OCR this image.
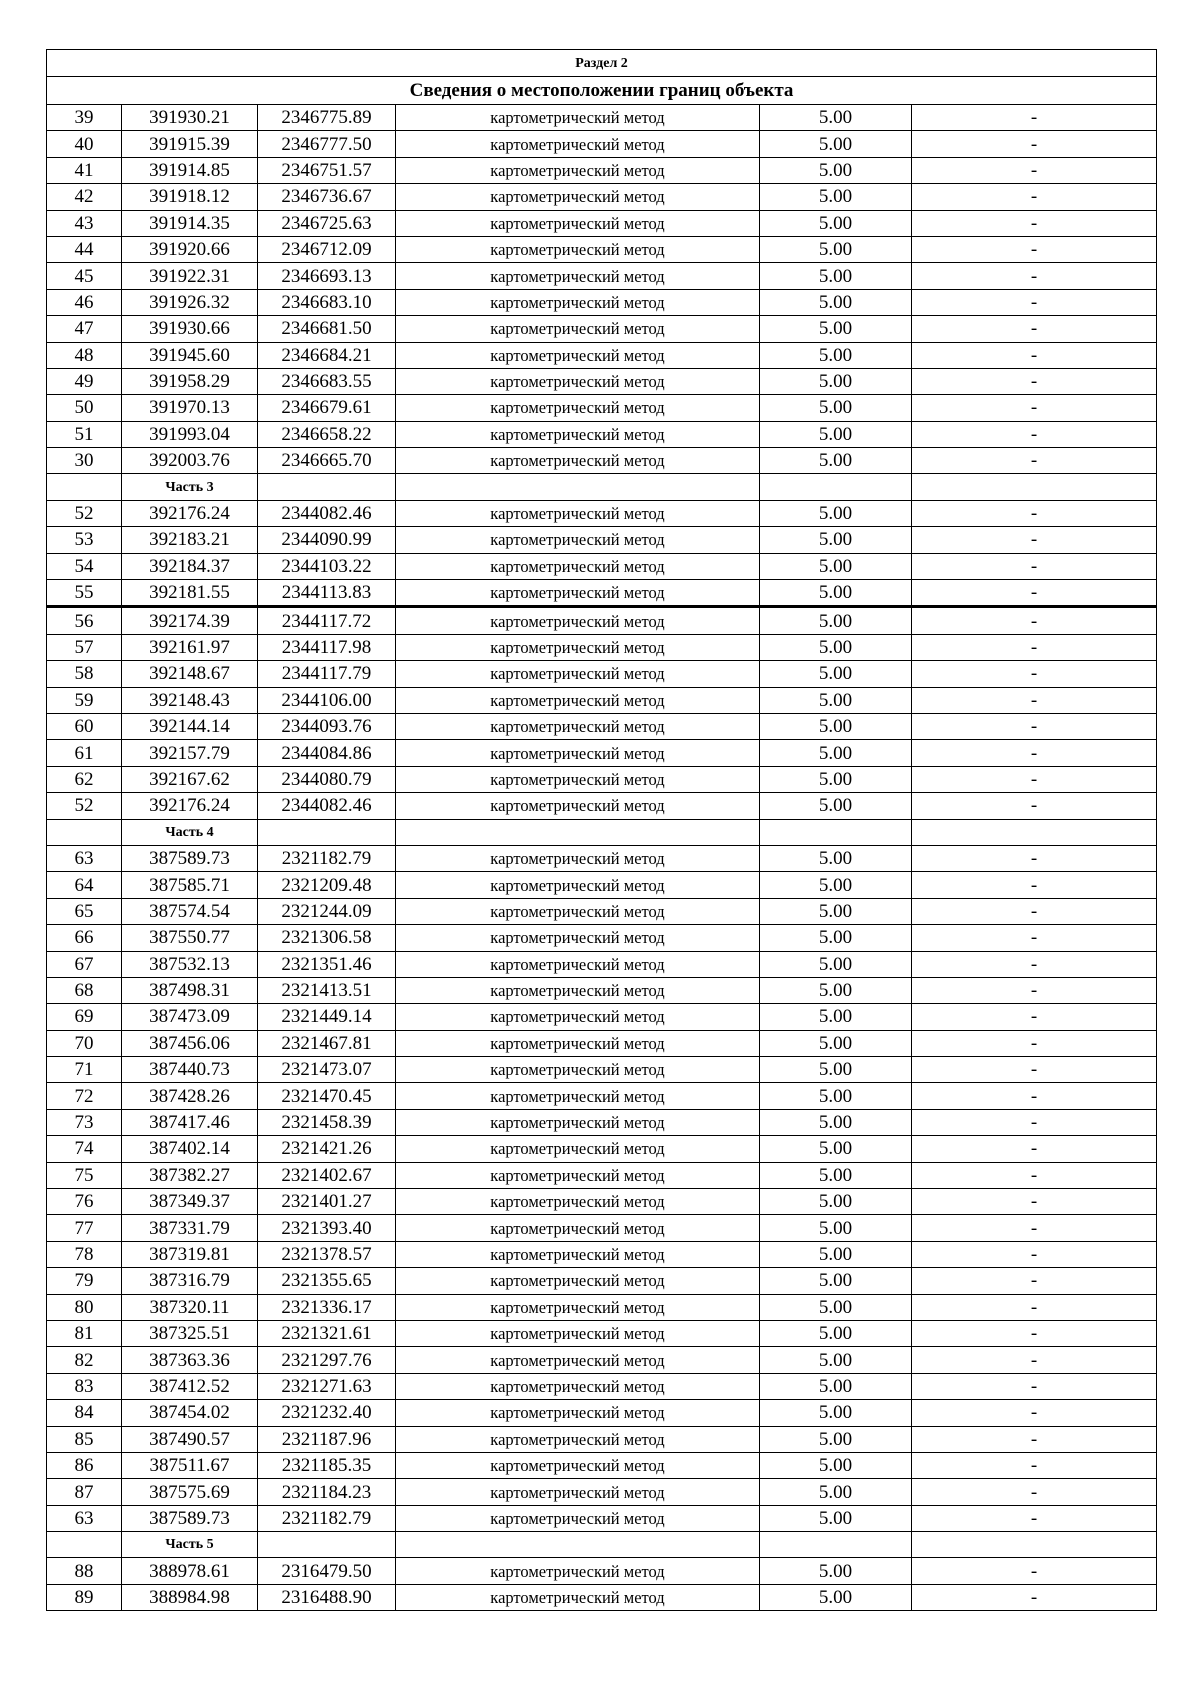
Раздел 2					
Сведения о местоположении границ объекта					
39	391930.21	2346775.89	картометрический метод	5.00	-
40	391915.39	2346777.50	картометрический метод	5.00	-
41	391914.85	2346751.57	картометрический метод	5.00	-
42	391918.12	2346736.67	картометрический метод	5.00	-
43	391914.35	2346725.63	картометрический метод	5.00	-
44	391920.66	2346712.09	картометрический метод	5.00	-
45	391922.31	2346693.13	картометрический метод	5.00	-
46	391926.32	2346683.10	картометрический метод	5.00	-
47	391930.66	2346681.50	картометрический метод	5.00	-
48	391945.60	2346684.21	картометрический метод	5.00	-
49	391958.29	2346683.55	картометрический метод	5.00	-
50	391970.13	2346679.61	картометрический метод	5.00	-
51	391993.04	2346658.22	картометрический метод	5.00	-
30	392003.76	2346665.70	картометрический метод	5.00	-
	Часть 3				
52	392176.24	2344082.46	картометрический метод	5.00	-
53	392183.21	2344090.99	картометрический метод	5.00	-
54	392184.37	2344103.22	картометрический метод	5.00	-
55	392181.55	2344113.83	картометрический метод	5.00	-
56	392174.39	2344117.72	картометрический метод	5.00	-
57	392161.97	2344117.98	картометрический метод	5.00	-
58	392148.67	2344117.79	картометрический метод	5.00	-
59	392148.43	2344106.00	картометрический метод	5.00	-
60	392144.14	2344093.76	картометрический метод	5.00	-
61	392157.79	2344084.86	картометрический метод	5.00	-
62	392167.62	2344080.79	картометрический метод	5.00	-
52	392176.24	2344082.46	картометрический метод	5.00	-
	Часть 4				
63	387589.73	2321182.79	картометрический метод	5.00	-
64	387585.71	2321209.48	картометрический метод	5.00	-
65	387574.54	2321244.09	картометрический метод	5.00	-
66	387550.77	2321306.58	картометрический метод	5.00	-
67	387532.13	2321351.46	картометрический метод	5.00	-
68	387498.31	2321413.51	картометрический метод	5.00	-
69	387473.09	2321449.14	картометрический метод	5.00	-
70	387456.06	2321467.81	картометрический метод	5.00	-
71	387440.73	2321473.07	картометрический метод	5.00	-
72	387428.26	2321470.45	картометрический метод	5.00	-
73	387417.46	2321458.39	картометрический метод	5.00	-
74	387402.14	2321421.26	картометрический метод	5.00	-
75	387382.27	2321402.67	картометрический метод	5.00	-
76	387349.37	2321401.27	картометрический метод	5.00	-
77	387331.79	2321393.40	картометрический метод	5.00	-
78	387319.81	2321378.57	картометрический метод	5.00	-
79	387316.79	2321355.65	картометрический метод	5.00	-
80	387320.11	2321336.17	картометрический метод	5.00	-
81	387325.51	2321321.61	картометрический метод	5.00	-
82	387363.36	2321297.76	картометрический метод	5.00	-
83	387412.52	2321271.63	картометрический метод	5.00	-
84	387454.02	2321232.40	картометрический метод	5.00	-
85	387490.57	2321187.96	картометрический метод	5.00	-
86	387511.67	2321185.35	картометрический метод	5.00	-
87	387575.69	2321184.23	картометрический метод	5.00	-
63	387589.73	2321182.79	картометрический метод	5.00	-
	Часть 5				
88	388978.61	2316479.50	картометрический метод	5.00	-
89	388984.98	2316488.90	картометрический метод	5.00	-
